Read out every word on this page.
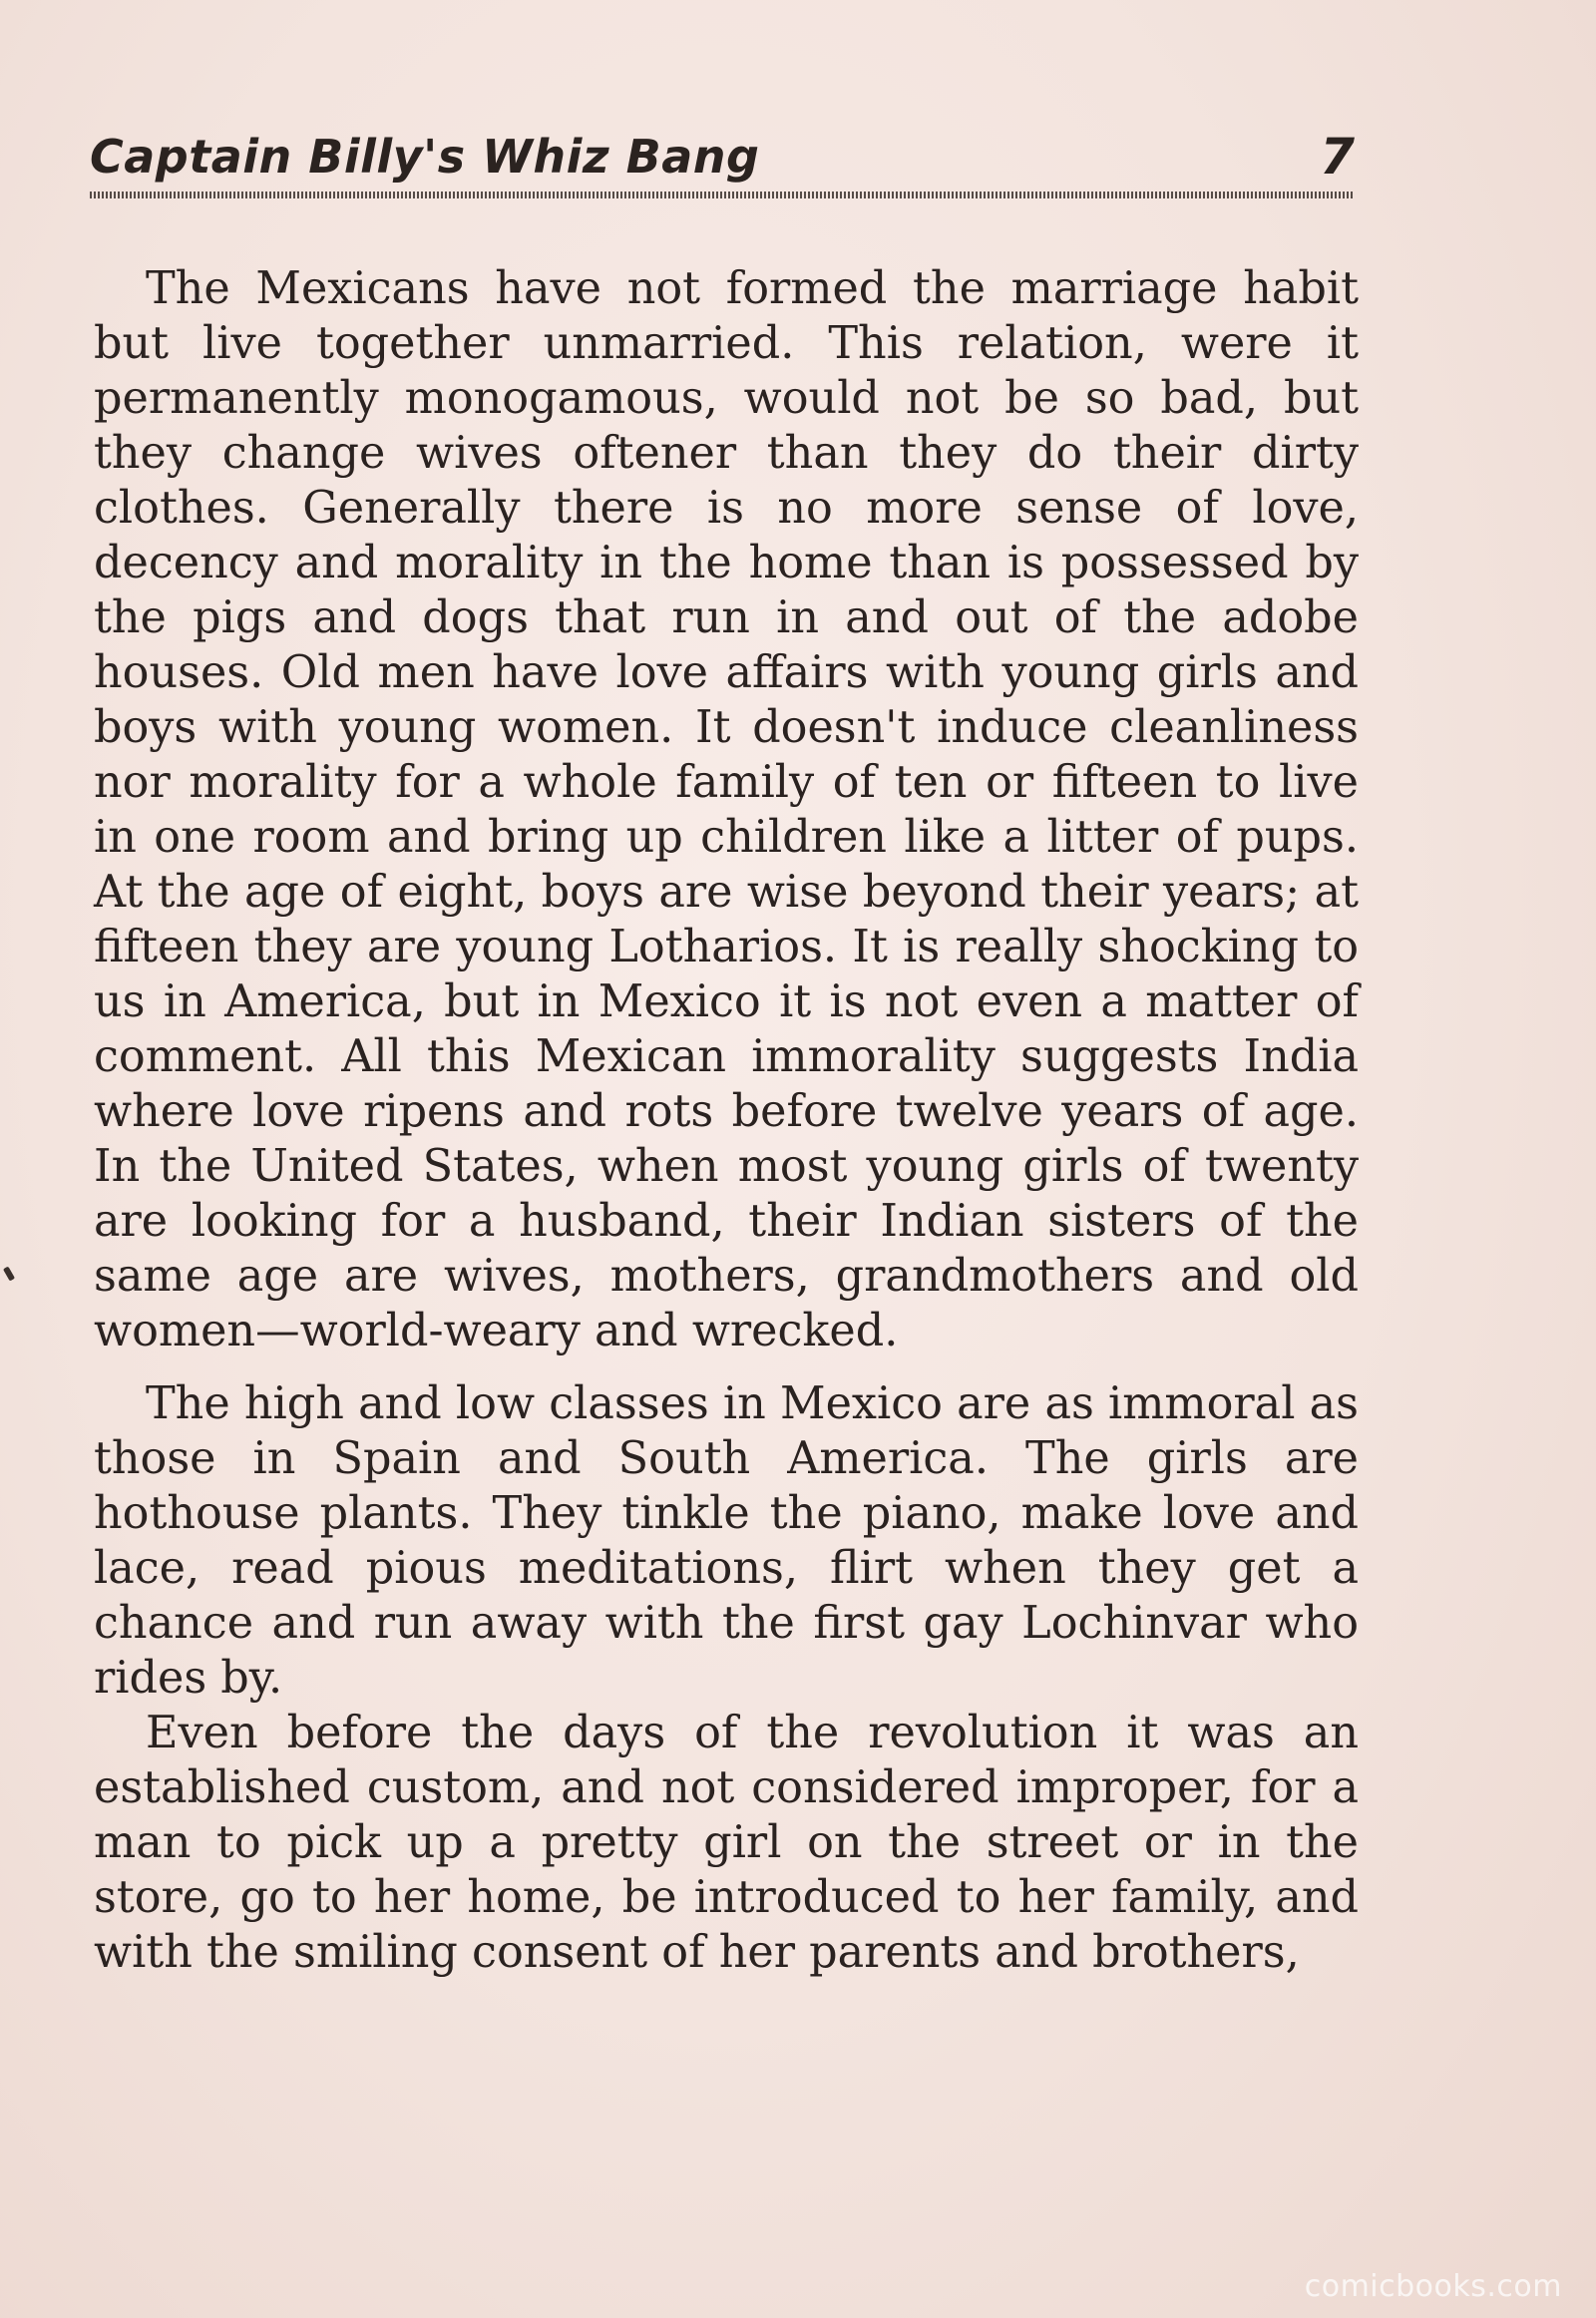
Captain Billy's Whiz Bang	7

The Mexicans have not formed the marriage habit but live together unmarried. This relation, were it permanently monogamous, would not be so bad, but they change wives oftener than they do their dirty clothes. Generally there is no more sense of love, decency and morality in the home than is possessed by the pigs and dogs that run in and out of the adobe houses. Old men have love affairs with young girls and boys with young women. It doesn't induce cleanliness nor morality for a whole family of ten or fifteen to live in one room and bring up children like a litter of pups. At the age of eight, boys are wise beyond their years; at fifteen they are young Lotharios. It is really shocking to us in America, but in Mexico it is not even a matter of comment. All this Mexican immorality suggests India where love ripens and rots before twelve years of age. In the United States, when most young girls of twenty are looking for a husband, their Indian sisters of the same age are wives, mothers, grandmothers and old women—world-weary and wrecked.

The high and low classes in Mexico are as immoral as those in Spain and South America. The girls are hothouse plants. They tinkle the piano, make love and lace, read pious meditations, flirt when they get a chance and run away with the first gay Lochinvar who rides by.

Even before the days of the revolution it was an established custom, and not considered improper, for a man to pick up a pretty girl on the street or in the store, go to her home, be introduced to her family, and with the smiling consent of her parents and brothers,

comicbooks.com
